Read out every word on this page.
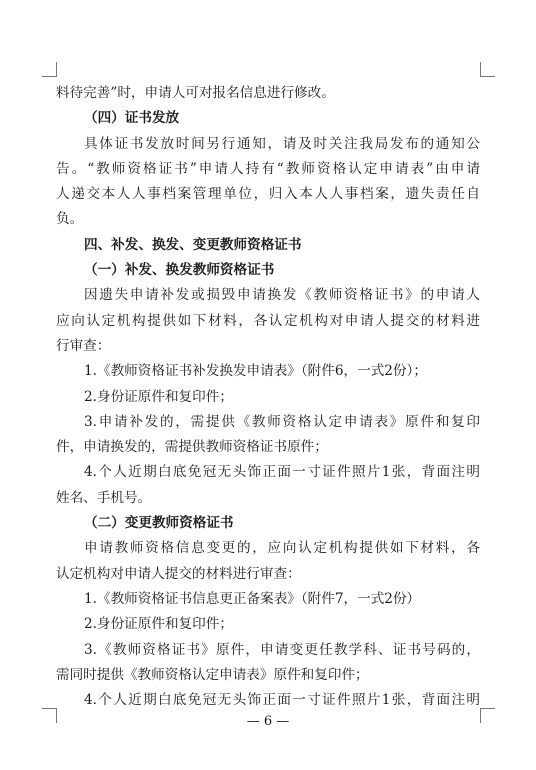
料待完善”时，申请人可对报名信息进行修改。
（四）证书发放
具体证书发放时间另行通知，请及时关注我局发布的通知公
告。“教师资格证书”申请人持有“教师资格认定申请表”由申请
人递交本人人事档案管理单位，归入本人人事档案，遗失责任自
负。
四、补发、换发、变更教师资格证书
（一）补发、换发教师资格证书
因遗失申请补发或损毁申请换发《教师资格证书》的申请人
应向认定机构提供如下材料，各认定机构对申请人提交的材料进
行审查：
1.《教师资格证书补发换发申请表》（附件6，一式2份）；
2.身份证原件和复印件；
3.申请补发的，需提供《教师资格认定申请表》原件和复印
件，申请换发的，需提供教师资格证书原件；
4.个人近期白底免冠无头饰正面一寸证件照片1张，背面注明
姓名、手机号。
（二）变更教师资格证书
申请教师资格信息变更的，应向认定机构提供如下材料，各
认定机构对申请人提交的材料进行审查：
1.《教师资格证书信息更正备案表》（附件7，一式2份）
2.身份证原件和复印件；
3.《教师资格证书》原件，申请变更任教学科、证书号码的，
需同时提供《教师资格认定申请表》原件和复印件；
4.个人近期白底免冠无头饰正面一寸证件照片1张，背面注明
— 6 —
